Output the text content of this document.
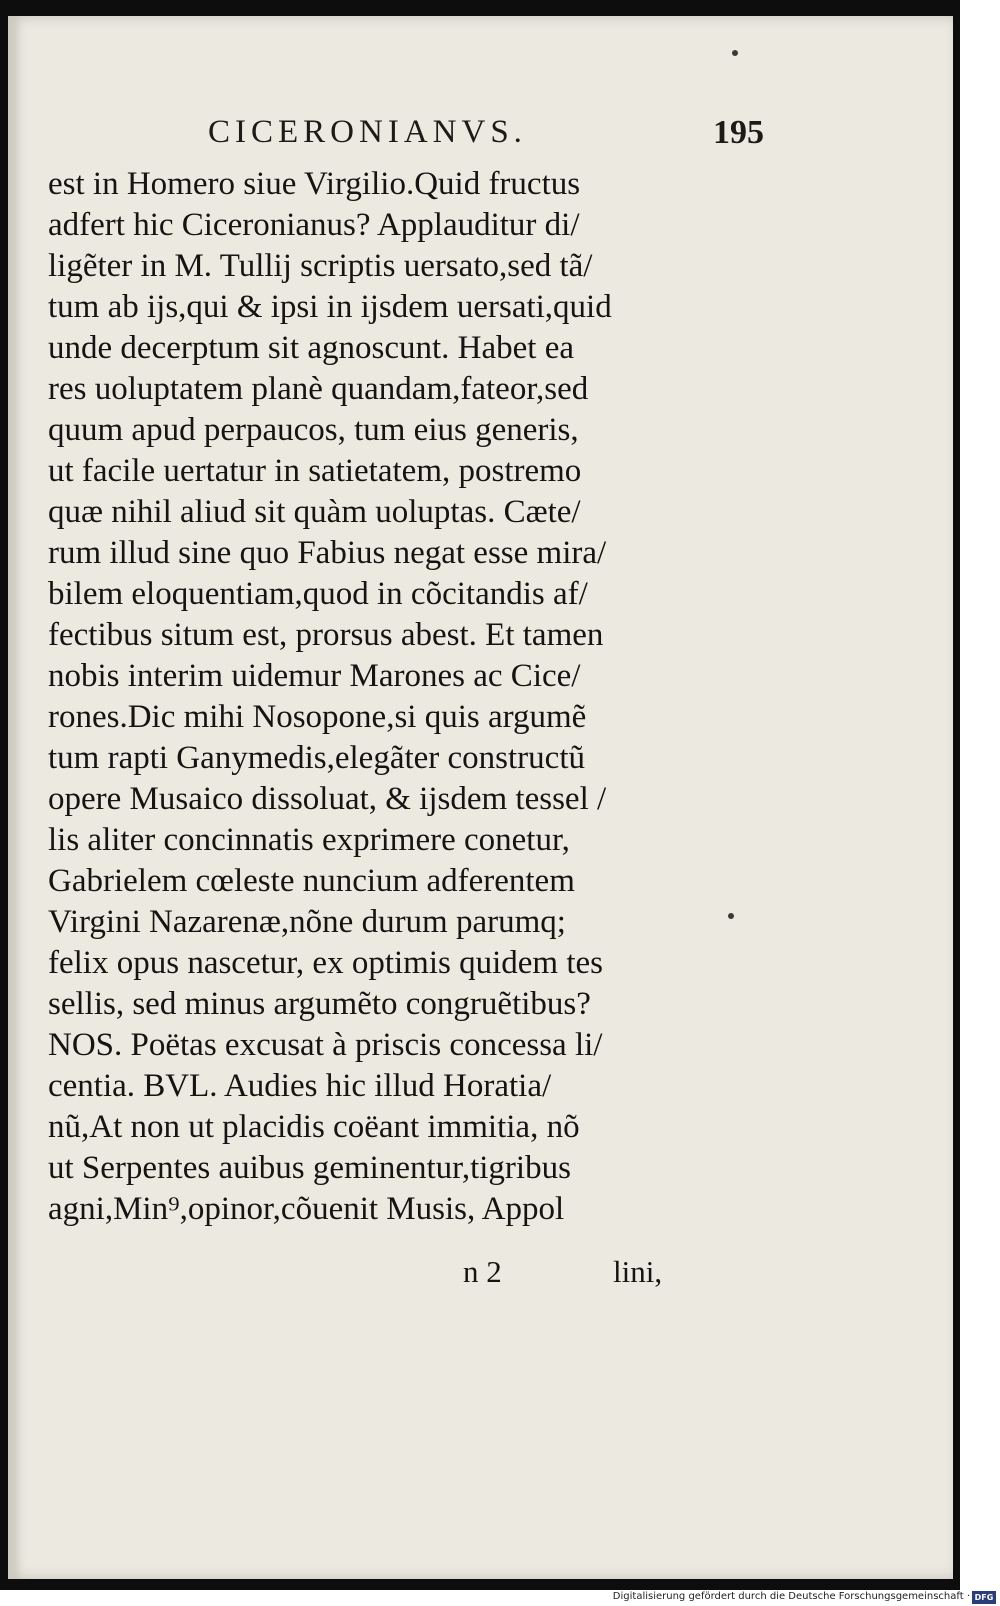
CICERONIANVS.	195
est in Homero siue Virgilio.Quid fructus
adfert hic Ciceronianus? Applauditur di/
ligẽter in M. Tullij scriptis uersato,sed tã/
tum ab ijs,qui & ipsi in ijsdem uersati,quid
unde decerptum sit agnoscunt. Habet ea
res uoluptatem planè quandam,fateor,sed
quum apud perpaucos, tum eius generis,
ut facile uertatur in satietatem, postremo
quæ nihil aliud sit quàm uoluptas. Cæte/
rum illud sine quo Fabius negat esse mira/
bilem eloquentiam,quod in cõcitandis af/
fectibus situm est, prorsus abest. Et tamen
nobis interim uidemur Marones ac Cice/
rones.Dic mihi Nosopone,si quis argumẽ
tum rapti Ganymedis,elegãter constructũ
opere Musaico dissoluat, & ijsdem tessel /
lis aliter concinnatis exprimere conetur,
Gabrielem cœleste nuncium adferentem
Virgini Nazarenæ,nõne durum parumq;
felix opus nascetur, ex optimis quidem tes
sellis, sed minus argumẽto congruẽtibus?
NOS. Poëtas excusat à priscis concessa li/
centia. BVL. Audies hic illud Horatia/
nũ,At non ut placidis coëant immitia, nõ
ut Serpentes auibus geminentur,tigribus
agni,Min⁹,opinor,cõuenit Musis, Appol
n 2	lini,
Digitalisierung gefördert durch die Deutsche Forschungsgemeinschaft · DFG
